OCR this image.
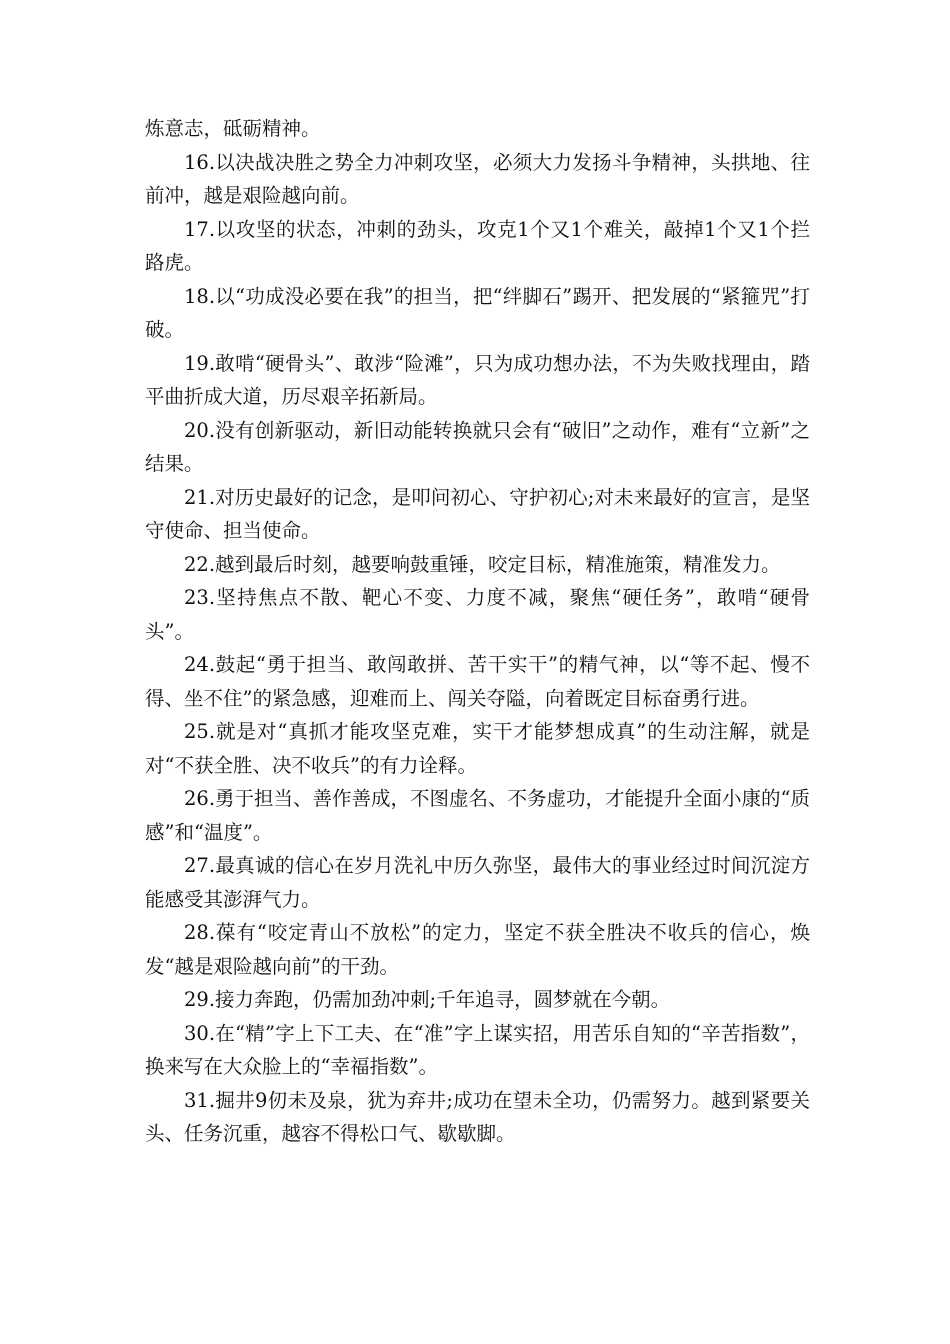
炼意志，砥砺精神。

16.以决战决胜之势全力冲刺攻坚，必须大力发扬斗争精神，头拱地、往前冲，越是艰险越向前。

17.以攻坚的状态，冲刺的劲头，攻克1个又1个难关，敲掉1个又1个拦路虎。

18.以“功成没必要在我”的担当，把“绊脚石”踢开、把发展的“紧箍咒”打破。

19.敢啃“硬骨头”、敢涉“险滩”，只为成功想办法，不为失败找理由，踏平曲折成大道，历尽艰辛拓新局。

20.没有创新驱动，新旧动能转换就只会有“破旧”之动作，难有“立新”之结果。

21.对历史最好的记念，是叩问初心、守护初心;对未来最好的宣言，是坚守使命、担当使命。

22.越到最后时刻，越要响鼓重锤，咬定目标，精准施策，精准发力。

23.坚持焦点不散、靶心不变、力度不减，聚焦“硬任务”，敢啃“硬骨头”。

24.鼓起“勇于担当、敢闯敢拼、苦干实干”的精气神，以“等不起、慢不得、坐不住”的紧急感，迎难而上、闯关夺隘，向着既定目标奋勇行进。

25.就是对“真抓才能攻坚克难，实干才能梦想成真”的生动注解，就是对“不获全胜、决不收兵”的有力诠释。

26.勇于担当、善作善成，不图虚名、不务虚功，才能提升全面小康的“质感”和“温度”。

27.最真诚的信心在岁月洗礼中历久弥坚，最伟大的事业经过时间沉淀方能感受其澎湃气力。

28.葆有“咬定青山不放松”的定力，坚定不获全胜决不收兵的信心，焕发“越是艰险越向前”的干劲。

29.接力奔跑，仍需加劲冲刺;千年追寻，圆梦就在今朝。

30.在“精”字上下工夫、在“准”字上谋实招，用苦乐自知的“辛苦指数”，换来写在大众脸上的“幸福指数”。

31.掘井9仞未及泉，犹为弃井;成功在望未全功，仍需努力。越到紧要关头、任务沉重，越容不得松口气、歇歇脚。
